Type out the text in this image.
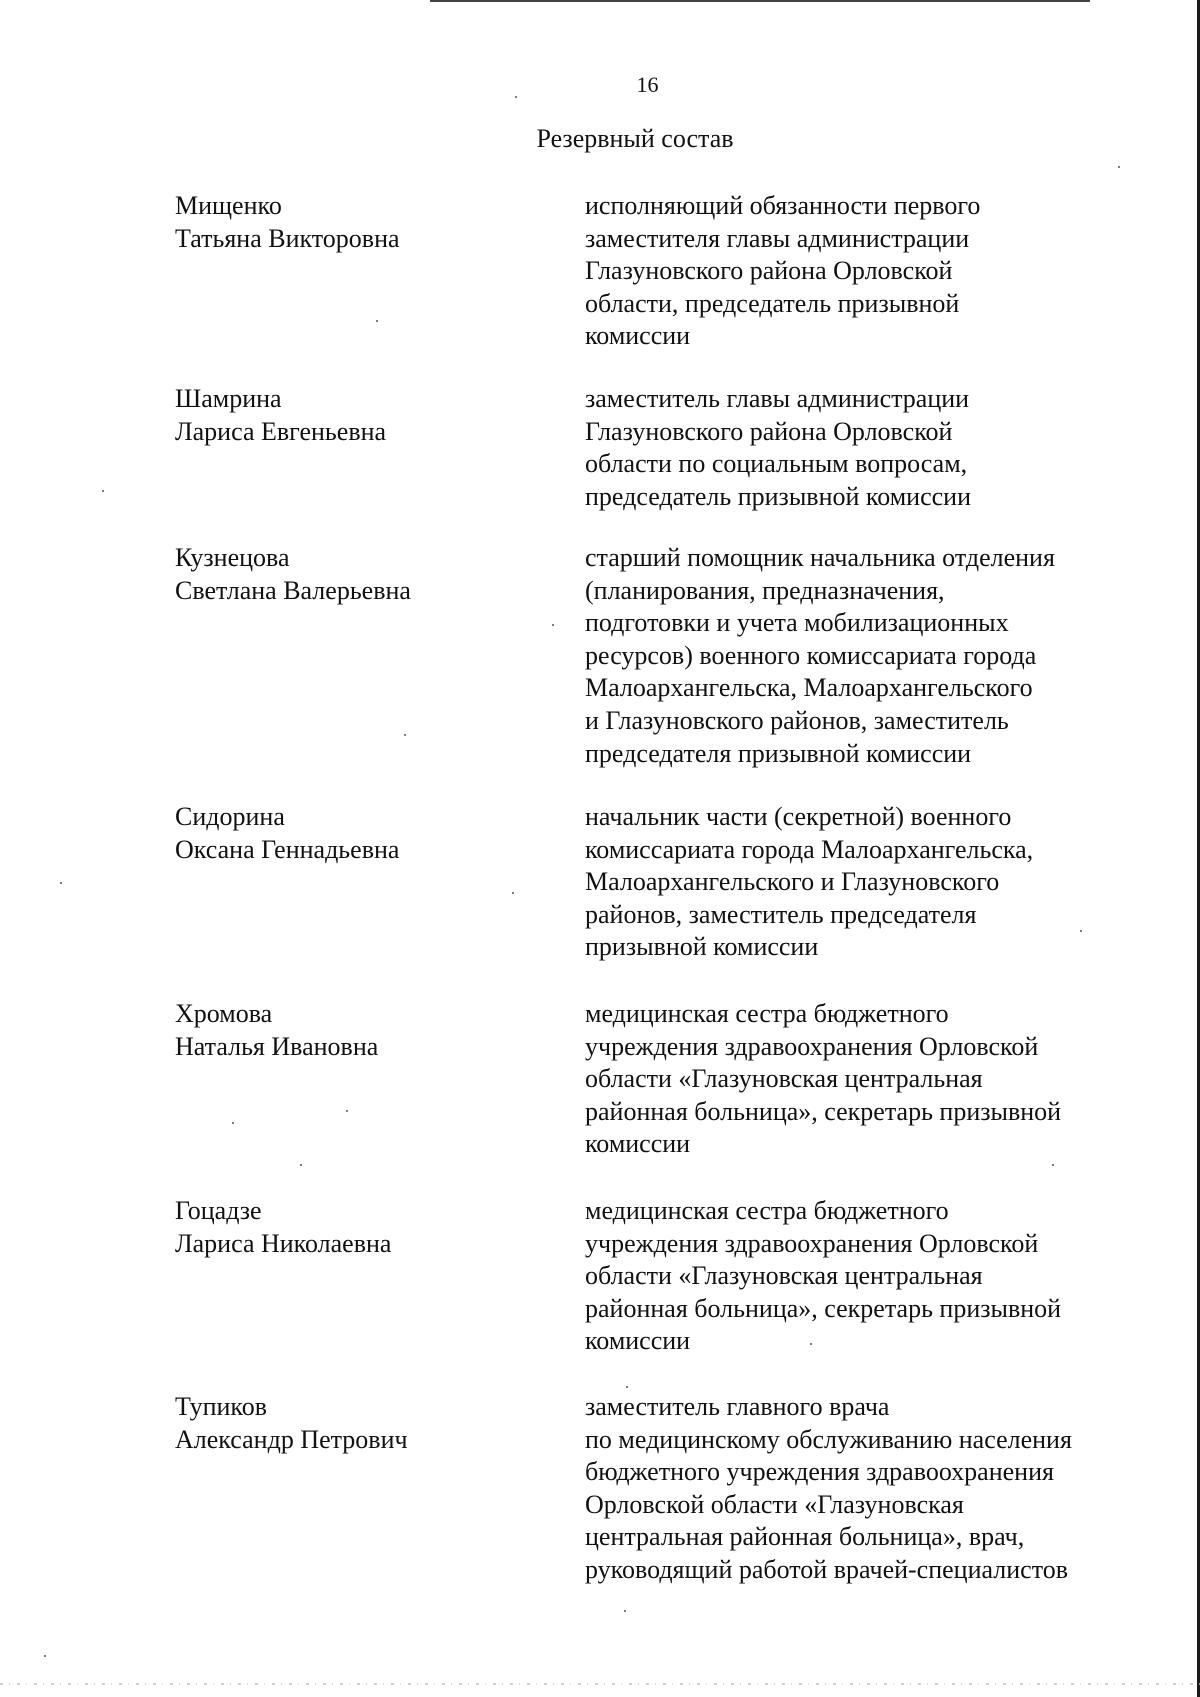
16
Резервный состав
Мищенко
Татьяна Викторовна
исполняющий обязанности первого
заместителя главы администрации
Глазуновского района Орловской
области, председатель призывной
комиссии
Шамрина
Лариса Евгеньевна
заместитель главы администрации
Глазуновского района Орловской
области по социальным вопросам,
председатель призывной комиссии
Кузнецова
Светлана Валерьевна
старший помощник начальника отделения
(планирования, предназначения,
подготовки и учета мобилизационных
ресурсов) военного комиссариата города
Малоархангельска, Малоархангельского
и Глазуновского районов, заместитель
председателя призывной комиссии
Сидорина
Оксана Геннадьевна
начальник части (секретной) военного
комиссариата города Малоархангельска,
Малоархангельского и Глазуновского
районов, заместитель председателя
призывной комиссии
Хромова
Наталья Ивановна
медицинская сестра бюджетного
учреждения здравоохранения Орловской
области «Глазуновская центральная
районная больница», секретарь призывной
комиссии
Гоцадзе
Лариса Николаевна
медицинская сестра бюджетного
учреждения здравоохранения Орловской
области «Глазуновская центральная
районная больница», секретарь призывной
комиссии
Тупиков
Александр Петрович
заместитель главного врача
по медицинскому обслуживанию населения
бюджетного учреждения здравоохранения
Орловской области «Глазуновская
центральная районная больница», врач,
руководящий работой врачей-специалистов
